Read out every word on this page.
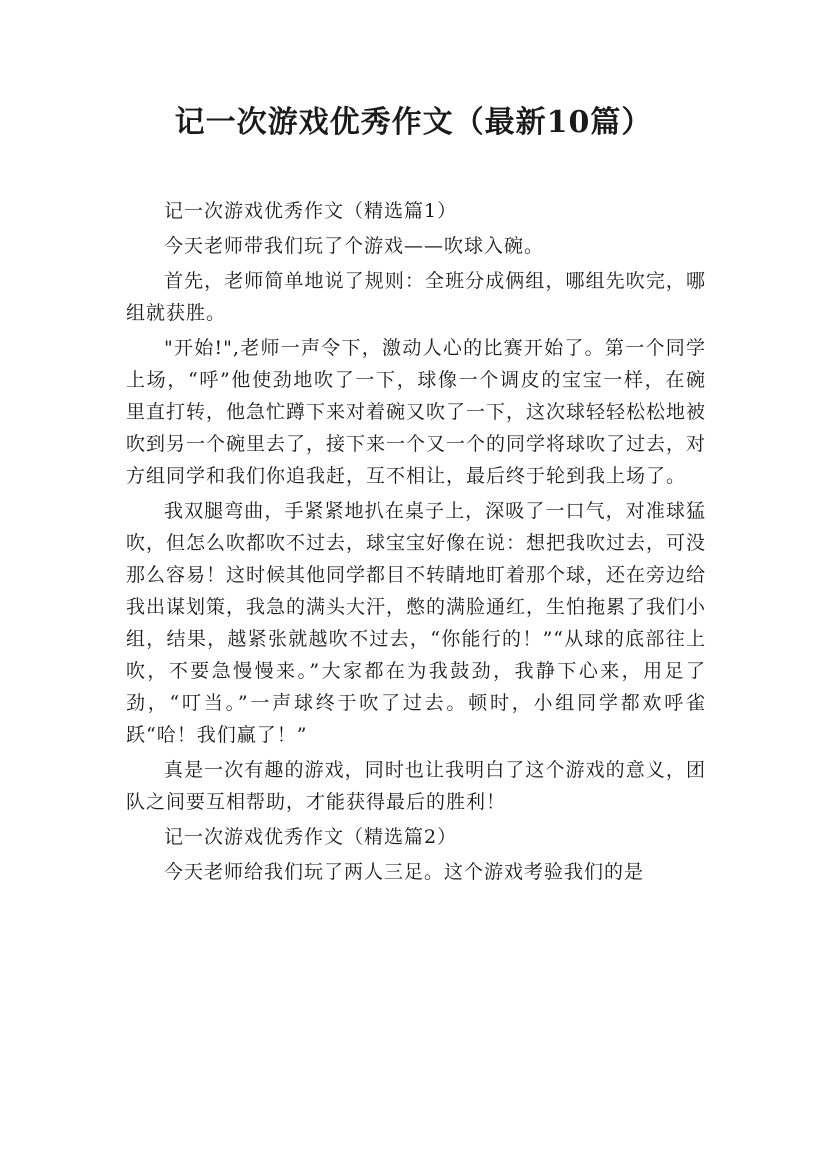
记一次游戏优秀作文（最新10篇）

记一次游戏优秀作文（精选篇1）

今天老师带我们玩了个游戏——吹球入碗。

首先，老师简单地说了规则：全班分成俩组，哪组先吹完，哪组就获胜。

"开始!",老师一声令下，激动人心的比赛开始了。第一个同学上场，“呼”他使劲地吹了一下，球像一个调皮的宝宝一样，在碗里直打转，他急忙蹲下来对着碗又吹了一下，这次球轻轻松松地被吹到另一个碗里去了，接下来一个又一个的同学将球吹了过去，对方组同学和我们你追我赶，互不相让，最后终于轮到我上场了。

我双腿弯曲，手紧紧地扒在桌子上，深吸了一口气，对准球猛吹，但怎么吹都吹不过去，球宝宝好像在说：想把我吹过去，可没那么容易！这时候其他同学都目不转睛地盯着那个球，还在旁边给我出谋划策，我急的满头大汗，憋的满脸通红，生怕拖累了我们小组，结果，越紧张就越吹不过去，“你能行的！”“从球的底部往上吹，不要急慢慢来。”大家都在为我鼓劲，我静下心来，用足了劲，“叮当。”一声球终于吹了过去。顿时，小组同学都欢呼雀跃“哈！我们赢了！”

真是一次有趣的游戏，同时也让我明白了这个游戏的意义，团队之间要互相帮助，才能获得最后的胜利！

记一次游戏优秀作文（精选篇2）

今天老师给我们玩了两人三足。这个游戏考验我们的是
